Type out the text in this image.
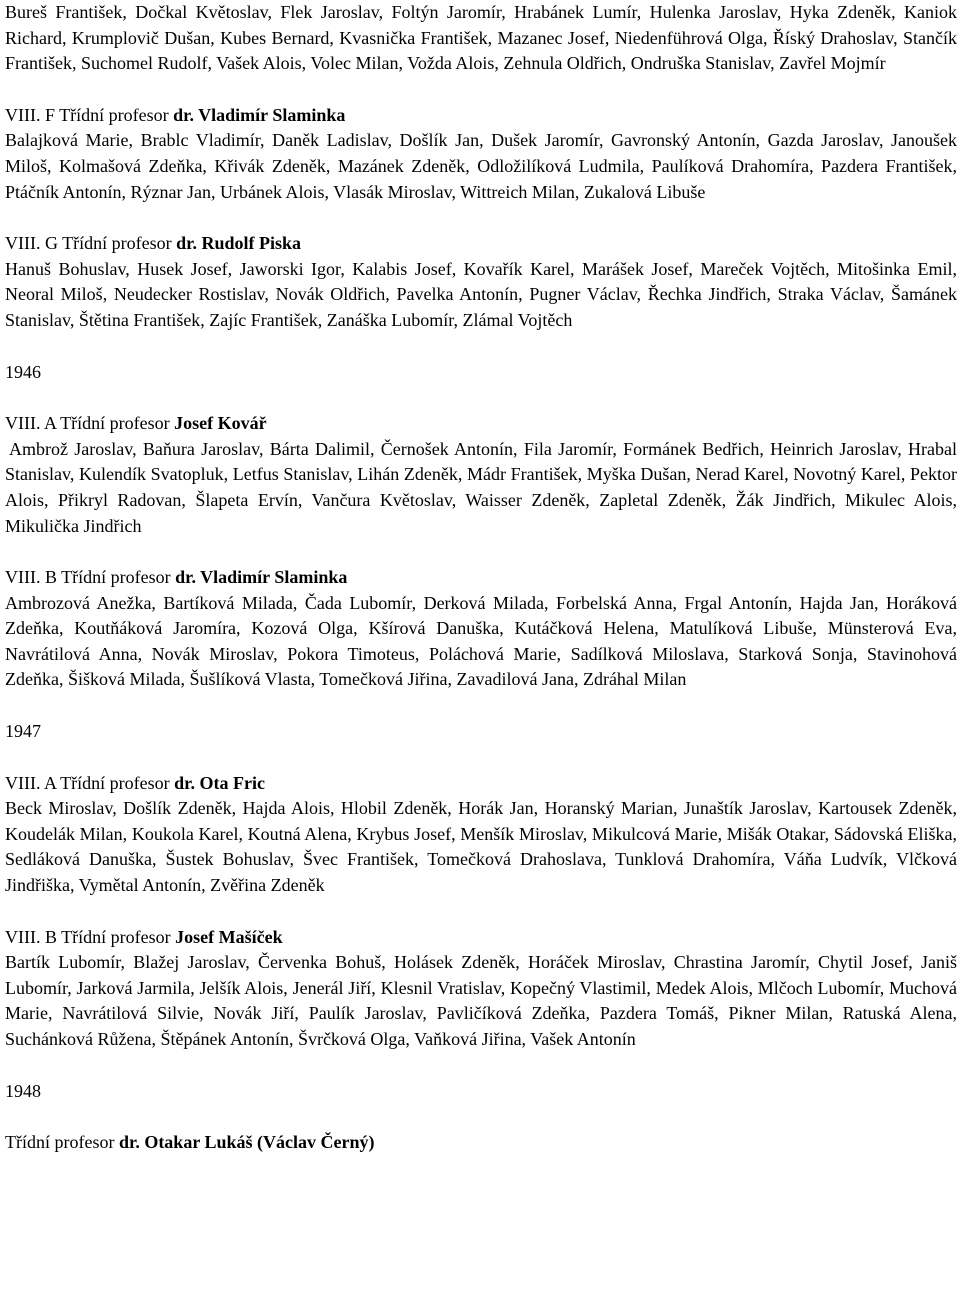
Bureš František, Dočkal Květoslav, Flek Jaroslav, Foltýn Jaromír, Hrabánek Lumír, Hulenka Jaroslav, Hyka Zdeněk, Kaniok Richard, Krumplovič Dušan, Kubes Bernard, Kvasnička František, Mazanec Josef, Niedenführová Olga, Říský Drahoslav, Stančík František, Suchomel Rudolf, Vašek Alois, Volec Milan, Vožda Alois, Zehnula Oldřich, Ondruška Stanislav, Zavřel Mojmír

VIII. F Třídní profesor dr. Vladimír Slaminka

Balajková Marie, Brablc Vladimír, Daněk Ladislav, Došlík Jan, Dušek Jaromír, Gavronský Antonín, Gazda Jaroslav, Janoušek Miloš, Kolmašová Zdeňka, Křivák Zdeněk, Mazánek Zdeněk, Odložilíková Ludmila, Paulíková Drahomíra, Pazdera František, Ptáčník Antonín, Rýznar Jan, Urbánek Alois, Vlasák Miroslav, Wittreich Milan, Zukalová Libuše

VIII. G Třídní profesor dr. Rudolf Piska

Hanuš Bohuslav, Husek Josef, Jaworski Igor, Kalabis Josef, Kovařík Karel, Marášek Josef, Mareček Vojtěch, Mitošinka Emil, Neoral Miloš, Neudecker Rostislav, Novák Oldřich, Pavelka Antonín, Pugner Václav, Řechka Jindřich, Straka Václav, Šamánek Stanislav, Štětina František, Zajíc František, Zanáška Lubomír, Zlámal Vojtěch

1946

VIII. A Třídní profesor Josef Kovář

Ambrož Jaroslav, Baňura Jaroslav, Bárta Dalimil, Černošek Antonín, Fila Jaromír, Formánek Bedřich, Heinrich Jaroslav, Hrabal Stanislav, Kulendík Svatopluk, Letfus Stanislav, Lihán Zdeněk, Mádr František, Myška Dušan, Nerad Karel, Novotný Karel, Pektor Alois, Přikryl Radovan, Šlapeta Ervín, Vančura Květoslav, Waisser Zdeněk, Zapletal Zdeněk, Žák Jindřich, Mikulec Alois, Mikulička Jindřich

VIII. B Třídní profesor dr. Vladimír Slaminka

Ambrozová Anežka, Bartíková Milada, Čada Lubomír, Derková Milada, Forbelská Anna, Frgal Antonín, Hajda Jan, Horáková Zdeňka, Koutňáková Jaromíra, Kozová Olga, Kšírová Danuška, Kutáčková Helena, Matulíková Libuše, Münsterová Eva, Navrátilová Anna, Novák Miroslav, Pokora Timoteus, Poláchová Marie, Sadílková Miloslava, Starková Sonja, Stavinohová Zdeňka, Šišková Milada, Šušlíková Vlasta, Tomečková Jiřina, Zavadilová Jana, Zdráhal Milan

1947

VIII. A Třídní profesor dr. Ota Fric

Beck Miroslav, Došlík Zdeněk, Hajda Alois, Hlobil Zdeněk, Horák Jan, Horanský Marian, Junaštík Jaroslav, Kartousek Zdeněk, Koudelák Milan, Koukola Karel, Koutná Alena, Krybus Josef, Menšík Miroslav, Mikulcová Marie, Mišák Otakar, Sádovská Eliška, Sedláková Danuška, Šustek Bohuslav, Švec František, Tomečková Drahoslava, Tunklová Drahomíra, Váňa Ludvík, Vlčková Jindřiška, Vymětal Antonín, Zvěřina Zdeněk

VIII. B Třídní profesor Josef Mašíček

Bartík Lubomír, Blažej Jaroslav, Červenka Bohuš, Holásek Zdeněk, Horáček Miroslav, Chrastina Jaromír, Chytil Josef, Janiš Lubomír, Jarková Jarmila, Jelšík Alois, Jenerál Jiří, Klesnil Vratislav, Kopečný Vlastimil, Medek Alois, Mlčoch Lubomír, Muchová Marie, Navrátilová Silvie, Novák Jiří, Paulík Jaroslav, Pavličíková Zdeňka, Pazdera Tomáš, Pikner Milan, Ratuská Alena, Suchánková Růžena, Štěpánek Antonín, Švrčková Olga, Vaňková Jiřina, Vašek Antonín

1948

Třídní profesor dr. Otakar Lukáš (Václav Černý)
